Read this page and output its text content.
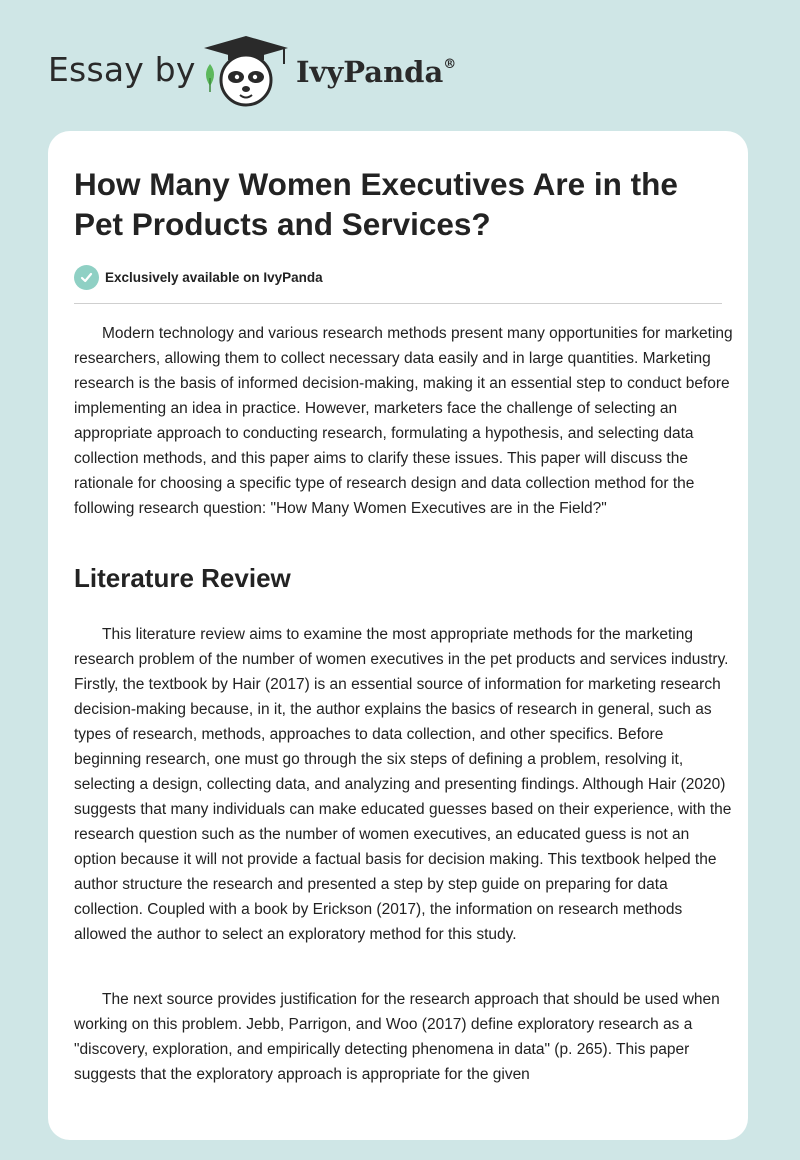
Essay by	IvyPanda®
How Many Women Executives Are in the Pet Products and Services?
Exclusively available on IvyPanda

Modern technology and various research methods present many opportunities for marketing researchers, allowing them to collect necessary data easily and in large quantities. Marketing research is the basis of informed decision-making, making it an essential step to conduct before implementing an idea in practice. However, marketers face the challenge of selecting an appropriate approach to conducting research, formulating a hypothesis, and selecting data collection methods, and this paper aims to clarify these issues. This paper will discuss the rationale for choosing a specific type of research design and data collection method for the following research question: "How Many Women Executives are in the Field?"

Literature Review

This literature review aims to examine the most appropriate methods for the marketing research problem of the number of women executives in the pet products and services industry. Firstly, the textbook by Hair (2017) is an essential source of information for marketing research decision-making because, in it, the author explains the basics of research in general, such as types of research, methods, approaches to data collection, and other specifics. Before beginning research, one must go through the six steps of defining a problem, resolving it, selecting a design, collecting data, and analyzing and presenting findings. Although Hair (2020) suggests that many individuals can make educated guesses based on their experience, with the research question such as the number of women executives, an educated guess is not an option because it will not provide a factual basis for decision making. This textbook helped the author structure the research and presented a step by step guide on preparing for data collection. Coupled with a book by Erickson (2017), the information on research methods allowed the author to select an exploratory method for this study.

The next source provides justification for the research approach that should be used when working on this problem. Jebb, Parrigon, and Woo (2017) define exploratory research as a "discovery, exploration, and empirically detecting phenomena in data" (p. 265). This paper suggests that the exploratory approach is appropriate for the given
